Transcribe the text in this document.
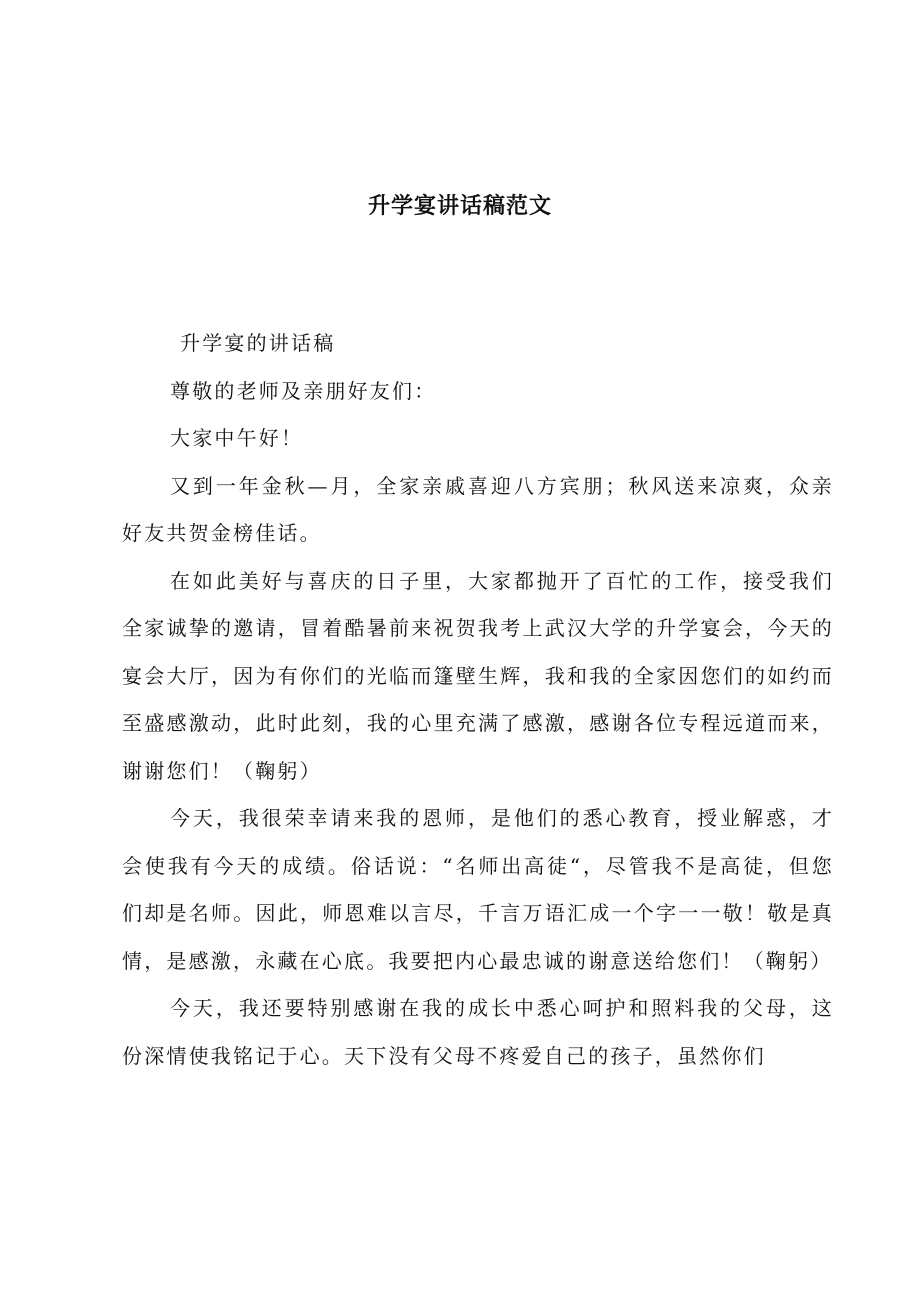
升学宴讲话稿范文

升学宴的讲话稿

尊敬的老师及亲朋好友们：

大家中午好！

又到一年金秋—月，全家亲戚喜迎八方宾朋；秋风送来凉爽，众亲好友共贺金榜佳话。

在如此美好与喜庆的日子里，大家都抛开了百忙的工作，接受我们全家诚挚的邀请，冒着酷暑前来祝贺我考上武汉大学的升学宴会，今天的宴会大厅，因为有你们的光临而篷壁生辉，我和我的全家因您们的如约而至盛感激动，此时此刻，我的心里充满了感激，感谢各位专程远道而来，谢谢您们！（鞠躬）

今天，我很荣幸请来我的恩师，是他们的悉心教育，授业解惑，才会使我有今天的成绩。俗话说：“名师出高徒“，尽管我不是高徒，但您们却是名师。因此，师恩难以言尽，千言万语汇成一个字一一敬！敬是真情，是感激，永藏在心底。我要把内心最忠诚的谢意送给您们！（鞠躬）

今天，我还要特别感谢在我的成长中悉心呵护和照料我的父母，这份深情使我铭记于心。天下没有父母不疼爱自己的孩子，虽然你们
